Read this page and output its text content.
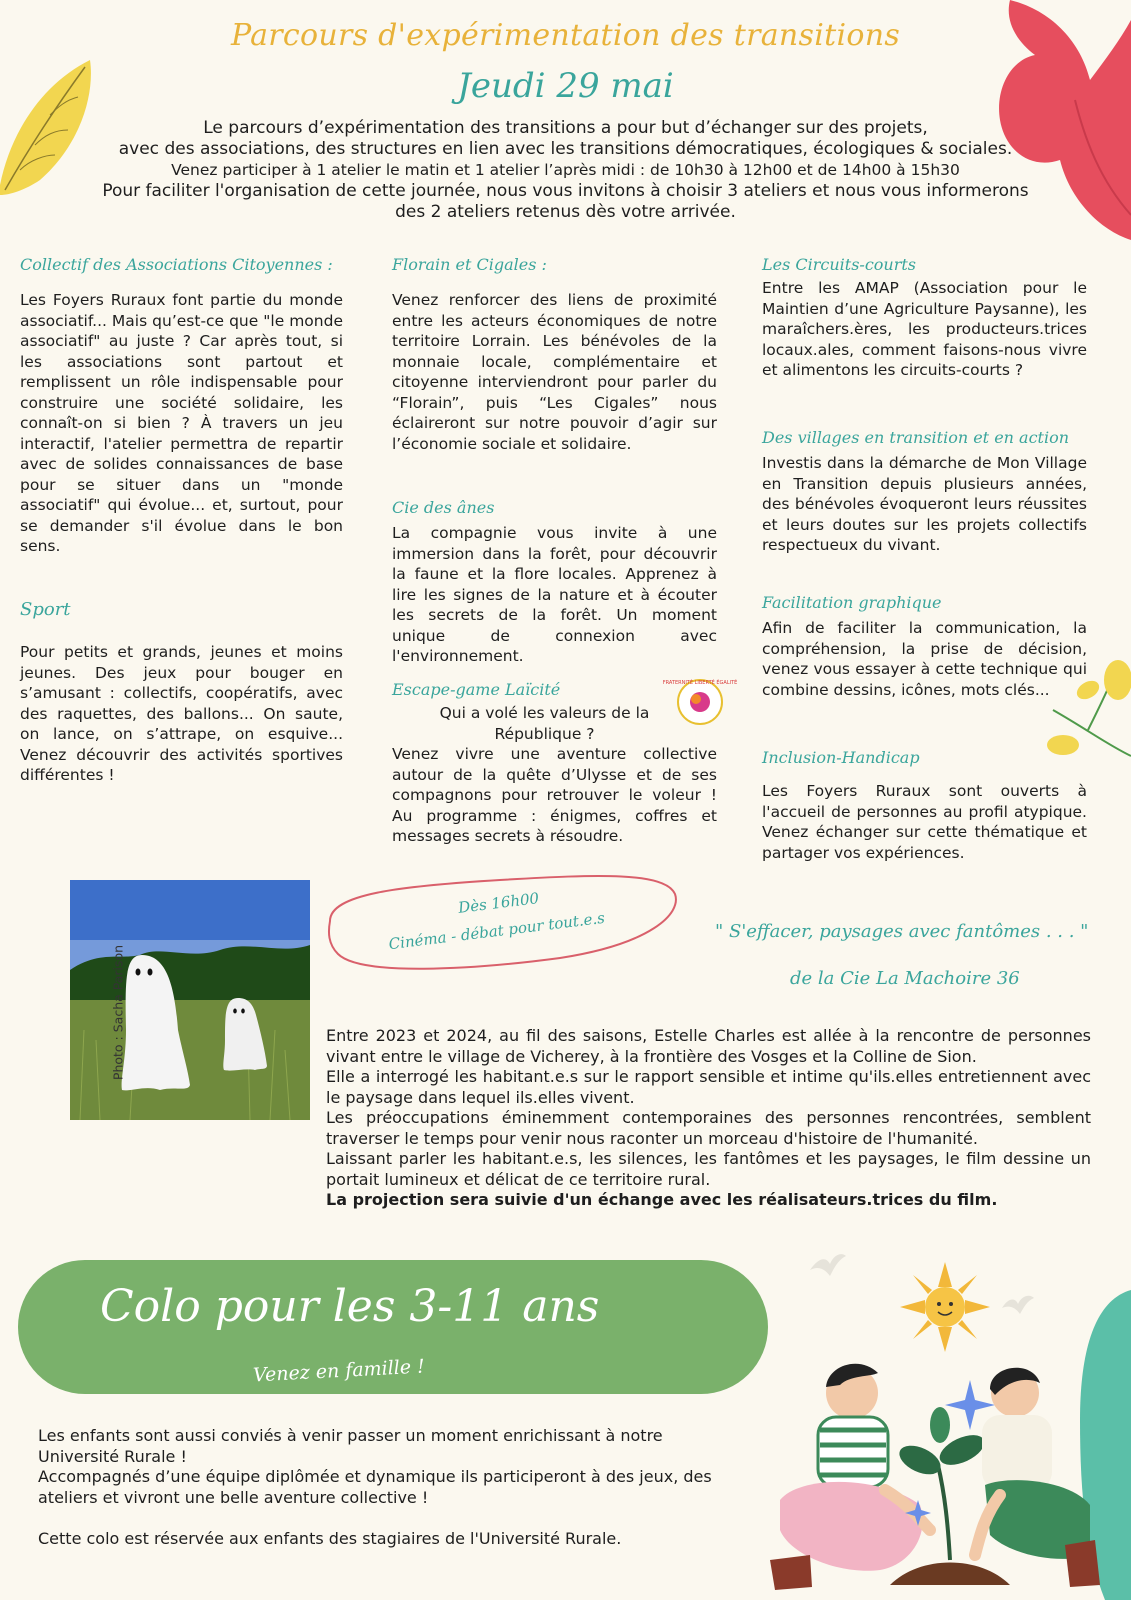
Parcours d'expérimentation des transitions
Jeudi 29 mai
Le parcours d’expérimentation des transitions a pour but d’échanger sur des projets,
avec des associations, des structures en lien avec les transitions démocratiques, écologiques & sociales.
Venez participer à 1 atelier le matin et 1 atelier l’après midi : de 10h30 à 12h00 et de 14h00 à 15h30
Pour faciliter l'organisation de cette journée, nous vous invitons à choisir 3 ateliers et nous vous informerons
des 2 ateliers retenus dès votre arrivée.
Collectif des Associations Citoyennes :

Les Foyers Ruraux font partie du monde associatif... Mais qu’est-ce que "le monde associatif" au juste ? Car après tout, si les associations sont partout et remplissent un rôle indispensable pour construire une société solidaire, les connaît-on si bien ? À travers un jeu interactif, l'atelier permettra de repartir avec de solides connaissances de base pour se situer dans un "monde associatif" qui évolue... et, surtout, pour se demander s'il évolue dans le bon sens.

Sport

Pour petits et grands, jeunes et moins jeunes. Des jeux pour bouger en s’amusant : collectifs, coopératifs, avec des raquettes, des ballons... On saute, on lance, on s’attrape, on esquive... Venez découvrir des activités sportives différentes !

Florain et Cigales :

Venez renforcer des liens de proximité entre les acteurs économiques de notre territoire Lorrain. Les bénévoles de la monnaie locale, complémentaire et citoyenne interviendront pour parler du “Florain”, puis “Les Cigales” nous éclaireront sur notre pouvoir d’agir sur l’économie sociale et solidaire.

Cie des ânes

La compagnie vous invite à une immersion dans la forêt, pour découvrir la faune et la flore locales. Apprenez à lire les signes de la nature et à écouter les secrets de la forêt. Un moment unique de connexion avec l'environnement.

Escape-game Laïcité

Qui a volé les valeurs de la République ?

Venez vivre une aventure collective autour de la quête d’Ulysse et de ses compagnons pour retrouver le voleur ! Au programme : énigmes, coffres et messages secrets à résoudre.

FRATERNITÉ LIBERTÉ ÉGALITÉ
Les Circuits-courts

Entre les AMAP (Association pour le Maintien d’une Agriculture Paysanne), les maraîchers.ères, les producteurs.trices locaux.ales, comment faisons-nous vivre et alimentons les circuits-courts ?

Des villages en transition et en action

Investis dans la démarche de Mon Village en Transition depuis plusieurs années, des bénévoles évoqueront leurs réussites et leurs doutes sur les projets collectifs respectueux du vivant.

Facilitation graphique

Afin de faciliter la communication, la compréhension, la prise de décision, venez vous essayer à cette technique qui combine dessins, icônes, mots clés...

Inclusion-Handicap

Les Foyers Ruraux sont ouverts à l'accueil de personnes au profil atypique. Venez échanger sur cette thématique et partager vos expériences.

Photo : Sacha Parison
Dès 16h00
Cinéma - débat pour tout.e.s	" S'effacer, paysages avec fantômes . . . "
de la Cie La Machoire 36

Entre 2023 et 2024, au fil des saisons, Estelle Charles est allée à la rencontre de personnes vivant entre le village de Vicherey, à la frontière des Vosges et la Colline de Sion.

Elle a interrogé les habitant.e.s sur le rapport sensible et intime qu'ils.elles entretiennent avec le paysage dans lequel ils.elles vivent.

Les préoccupations éminemment contemporaines des personnes rencontrées, semblent traverser le temps pour venir nous raconter un morceau d'histoire de l'humanité.

Laissant parler les habitant.e.s, les silences, les fantômes et les paysages, le film dessine un portait lumineux et délicat de ce territoire rural.

La projection sera suivie d'un échange avec les réalisateurs.trices du film.

Colo pour les 3-11 ans
Venez en famille !

Les enfants sont aussi conviés à venir passer un moment enrichissant à notre Université Rurale !

Accompagnés d’une équipe diplômée et dynamique ils participeront à des jeux, des ateliers et vivront une belle aventure collective !

Cette colo est réservée aux enfants des stagiaires de l'Université Rurale.
